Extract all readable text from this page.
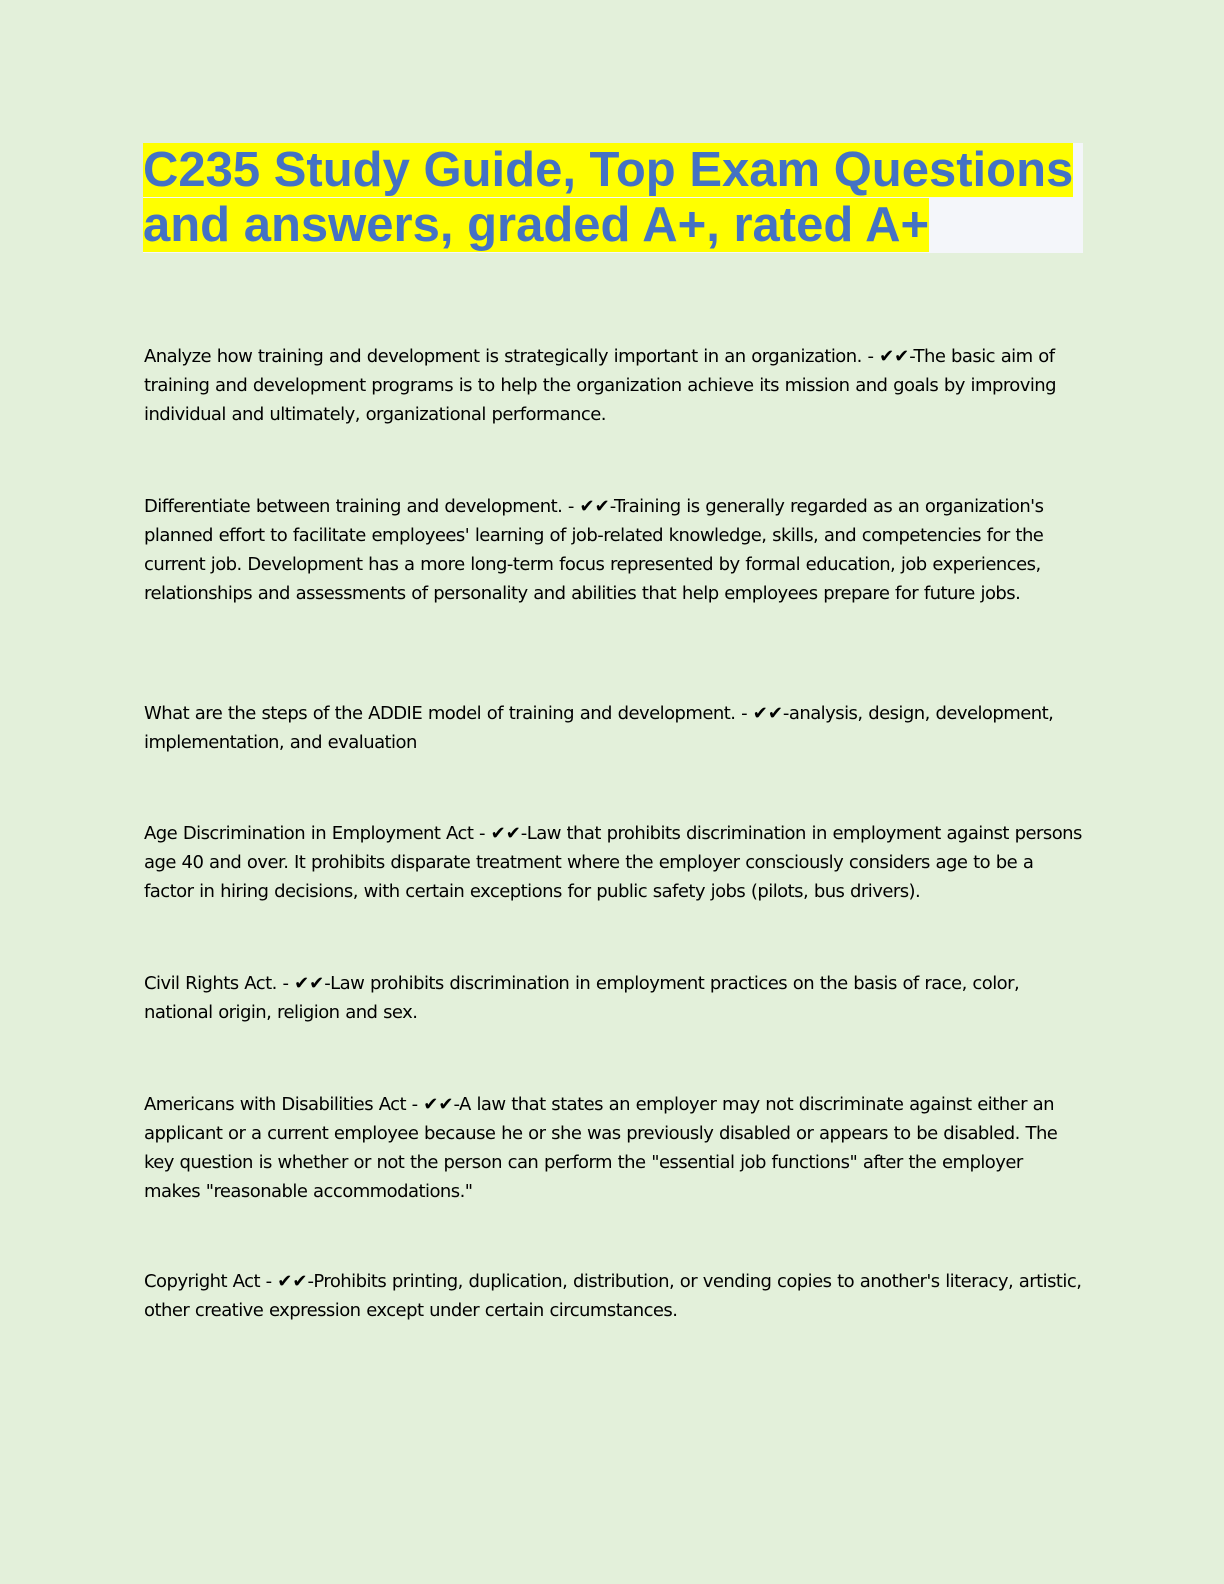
C235 Study Guide, Top Exam Questions and answers, graded A+, rated A+

Analyze how training and development is strategically important in an organization. - ✔✔-The basic aim of training and development programs is to help the organization achieve its mission and goals by improving individual and ultimately, organizational performance.

Differentiate between training and development. - ✔✔-Training is generally regarded as an organization's planned effort to facilitate employees' learning of job-related knowledge, skills, and competencies for the current job. Development has a more long-term focus represented by formal education, job experiences, relationships and assessments of personality and abilities that help employees prepare for future jobs.

What are the steps of the ADDIE model of training and development. - ✔✔-analysis, design, development, implementation, and evaluation

Age Discrimination in Employment Act - ✔✔-Law that prohibits discrimination in employment against persons age 40 and over. It prohibits disparate treatment where the employer consciously considers age to be a factor in hiring decisions, with certain exceptions for public safety jobs (pilots, bus drivers).

Civil Rights Act. - ✔✔-Law prohibits discrimination in employment practices on the basis of race, color, national origin, religion and sex.

Americans with Disabilities Act - ✔✔-A law that states an employer may not discriminate against either an applicant or a current employee because he or she was previously disabled or appears to be disabled. The key question is whether or not the person can perform the "essential job functions" after the employer makes "reasonable accommodations."

Copyright Act - ✔✔-Prohibits printing, duplication, distribution, or vending copies to another's literacy, artistic, other creative expression except under certain circumstances.
